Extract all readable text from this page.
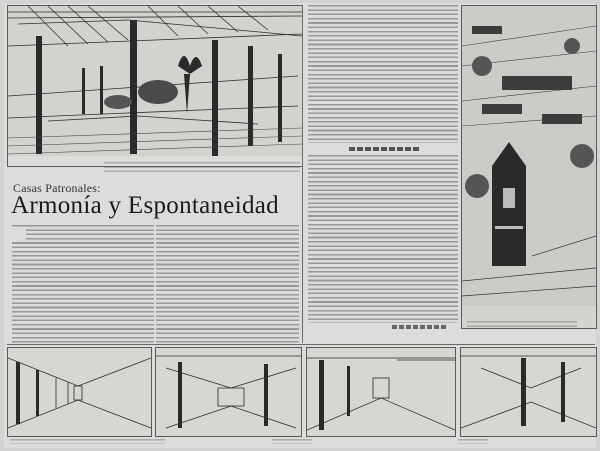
Casas Patronales:
Armonía y Espontaneidad
